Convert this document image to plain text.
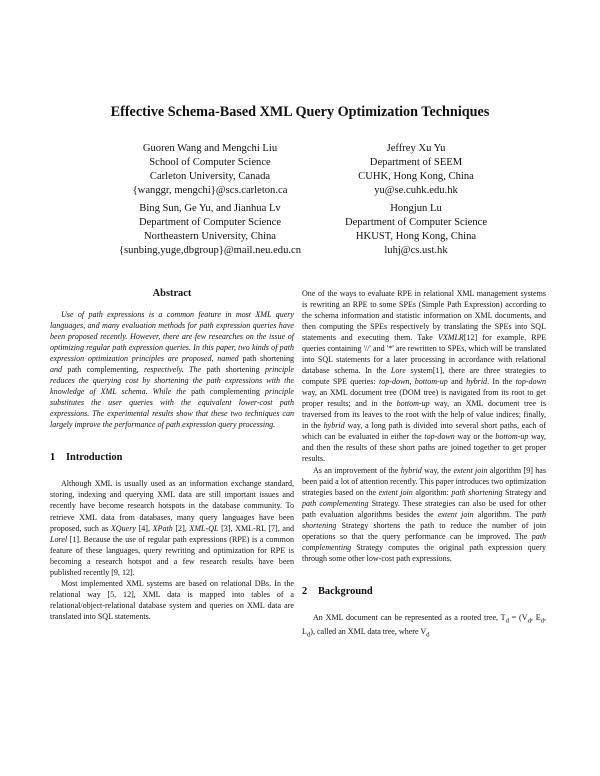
Effective Schema-Based XML Query Optimization Techniques
Guoren Wang and Mengchi Liu
School of Computer Science
Carleton University, Canada
{wanggr, mengchi}@scs.carleton.ca
Jeffrey Xu Yu
Department of SEEM
CUHK, Hong Kong, China
yu@se.cuhk.edu.hk
Bing Sun, Ge Yu, and Jianhua Lv
Department of Computer Science
Northeastern University, China
{sunbing,yuge,dbgroup}@mail.neu.edu.cn
Hongjun Lu
Department of Computer Science
HKUST, Hong Kong, China
luhj@cs.ust.hk
Abstract

Use of path expressions is a common feature in most XML query languages, and many evaluation methods for path expression queries have been proposed recently. However, there are few researches on the issue of optimizing regular path expression queries. In this paper, two kinds of path expression optimization principles are proposed, named path shortening and path complementing, respectively. The path shortening principle reduces the querying cost by shortening the path expressions with the knowledge of XML schema. While the path complementing principle substitutes the user queries with the equivalent lower-cost path expressions. The experimental results show that these two techniques can largely improve the performance of path expression query processing.

1 Introduction

Although XML is usually used as an information exchange standard, storing, indexing and querying XML data are still important issues and recently have become research hotspots in the database community. To retrieve XML data from databases, many query languages have been proposed, such as XQuery [4], XPath [2], XML-QL [3], XML-RL [7], and Lorel [1]. Because the use of regular path expressions (RPE) is a common feature of these languages, query rewriting and optimization for RPE is becoming a research hotspot and a few research results have been published recently [9, 12].

Most implemented XML systems are based on relational DBs. In the relational way [5, 12], XML data is mapped into tables of a relational/object-relational database system and queries on XML data are translated into SQL statements.

One of the ways to evaluate RPE in relational XML management systems is rewriting an RPE to some SPEs (Simple Path Expression) according to the schema information and statistic information on XML documents, and then computing the SPEs respectively by translating the SPEs into SQL statements and executing them. Take VXMLR[12] for example, RPE queries containing '//' and '*' are rewritten to SPEs, which will be translated into SQL statements for a later processing in accordance with relational database schema. In the Lore system[1], there are three strategies to compute SPE queries: top-down, bottom-up and hybrid. In the top-down way, an XML document tree (DOM tree) is navigated from its root to get proper results; and in the bottom-up way, an XML document tree is traversed from its leaves to the root with the help of value indices; finally, in the hybrid way, a long path is divided into several short paths, each of which can be evaluated in either the top-down way or the bottom-up way, and then the results of these short paths are joined together to get proper results.

As an improvement of the hybrid way, the extent join algorithm [9] has been paid a lot of attention recently. This paper introduces two optimization strategies based on the extent join algorithm: path shortening Strategy and path complementing Strategy. These strategies can also be used for other path evaluation algorithms besides the extent join algorithm. The path shortening Strategy shortens the path to reduce the number of join operations so that the query performance can be improved. The path complementing Strategy computes the original path expression query through some other low-cost path expressions.

2 Background

An XML document can be represented as a rooted tree, $T_d = (V_d$, $E_d$, $L_d$), called an XML data tree, where $V_d$
